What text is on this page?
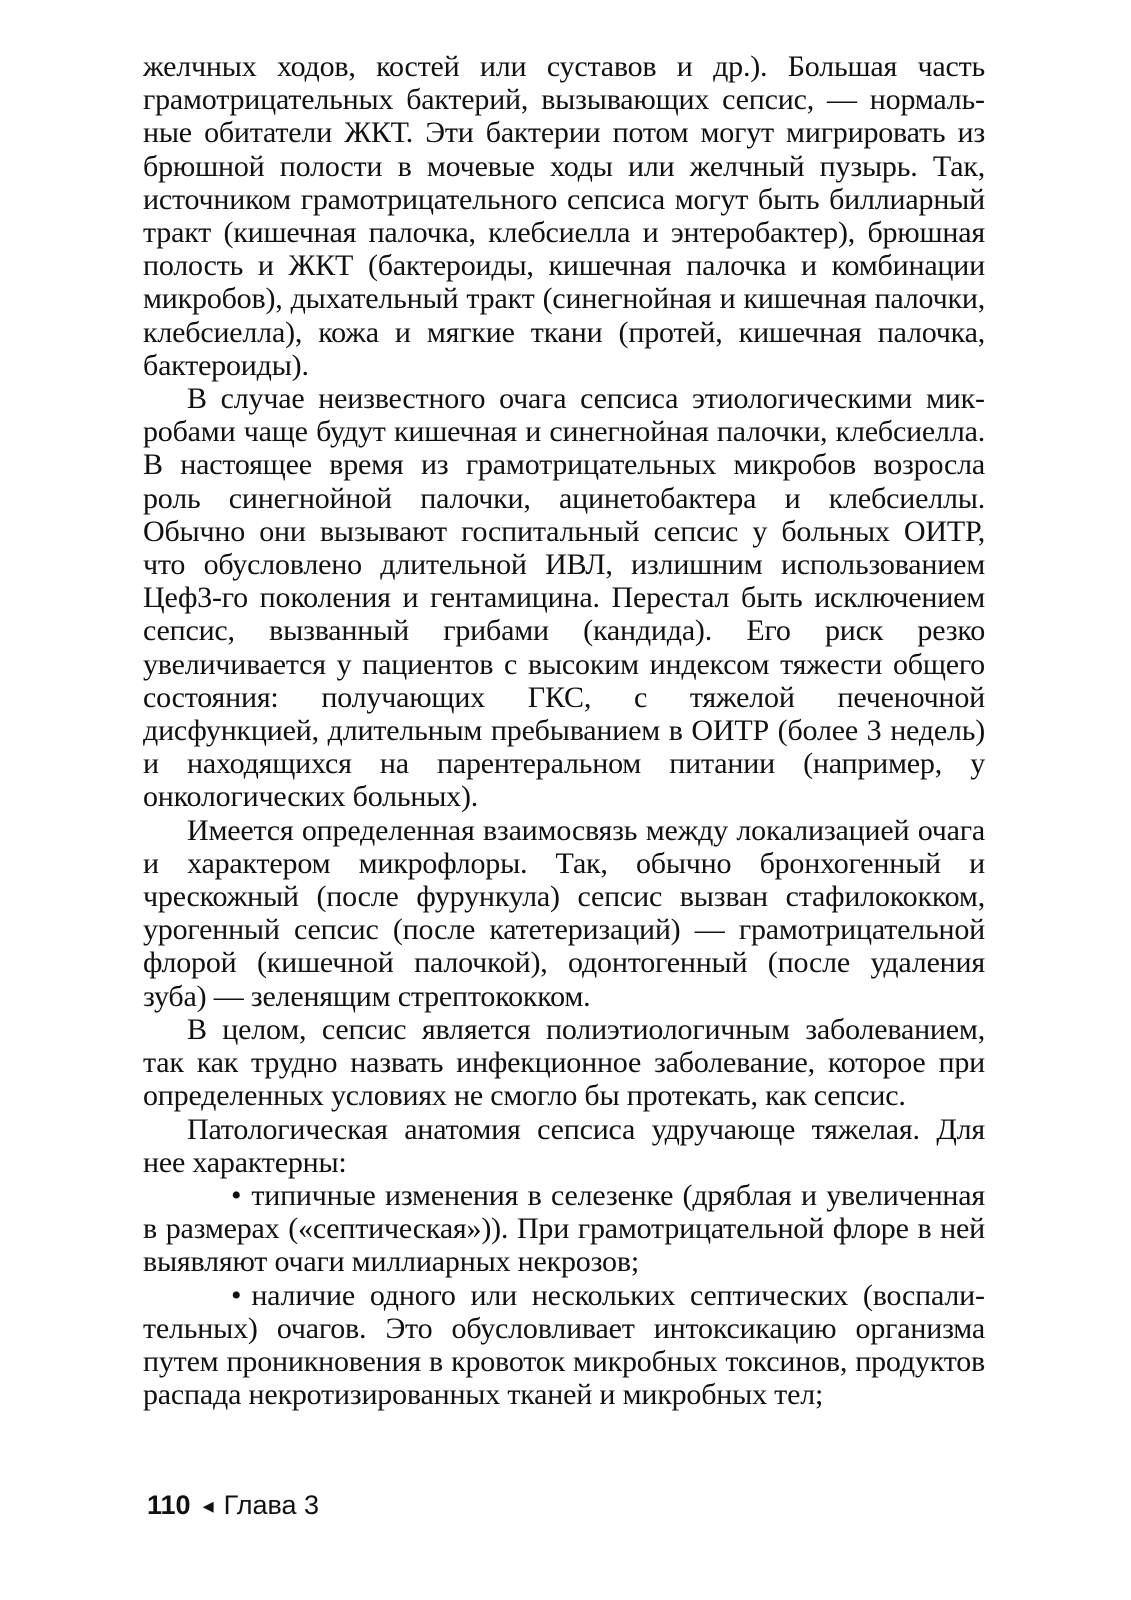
желчных ходов, костей или суставов и др.). Большая часть грамотрицательных бактерий, вызывающих сепсис, — нормальные обитатели ЖКТ. Эти бактерии потом могут мигрировать из брюшной полости в мочевые ходы или желчный пузырь. Так, источником грамотрицательного сепсиса могут быть биллиарный тракт (кишечная палочка, клебсиелла и энтеробактер), брюшная полость и ЖКТ (бактероиды, кишечная палочка и комбинации микробов), дыхательный тракт (синегнойная и кишечная палочки, клебсиелла), кожа и мягкие ткани (протей, кишечная палочка, бактероиды).

В случае неизвестного очага сепсиса этиологическими микробами чаще будут кишечная и синегнойная палочки, клебсиелла. В настоящее время из грамотрицательных микробов возросла роль синегнойной палочки, ацинетобактера и клебсиеллы. Обычно они вызывают госпитальный сепсис у больных ОИТР, что обусловлено длительной ИВЛ, излишним использованием Цеф3-го поколения и гентамицина. Перестал быть исключением сепсис, вызванный грибами (кандида). Его риск резко увеличивается у пациентов с высоким индексом тяжести общего состояния: получающих ГКС, с тяжелой печеночной дисфункцией, длительным пребыванием в ОИТР (более 3 недель) и находящихся на парентеральном питании (например, у онкологических больных).

Имеется определенная взаимосвязь между локализацией очага и характером микрофлоры. Так, обычно бронхогенный и чрескожный (после фурункула) сепсис вызван стафилококком, урогенный сепсис (после катетеризаций) — грамотрицательной флорой (кишечной палочкой), одонтогенный (после удаления зуба) — зеленящим стрептококком.

В целом, сепсис является полиэтиологичным заболеванием, так как трудно назвать инфекционное заболевание, которое при определенных условиях не смогло бы протекать, как сепсис.

Патологическая анатомия сепсиса удручающе тяжелая. Для нее характерны:

• типичные изменения в селезенке (дряблая и увеличенная в размерах («септическая»)). При грамотрицательной флоре в ней выявляют очаги миллиарных некрозов;

• наличие одного или нескольких септических (воспалительных) очагов. Это обусловливает интоксикацию организма путем проникновения в кровоток микробных токсинов, продуктов распада некротизированных тканей и микробных тел;

110 ◂ Глава 3
